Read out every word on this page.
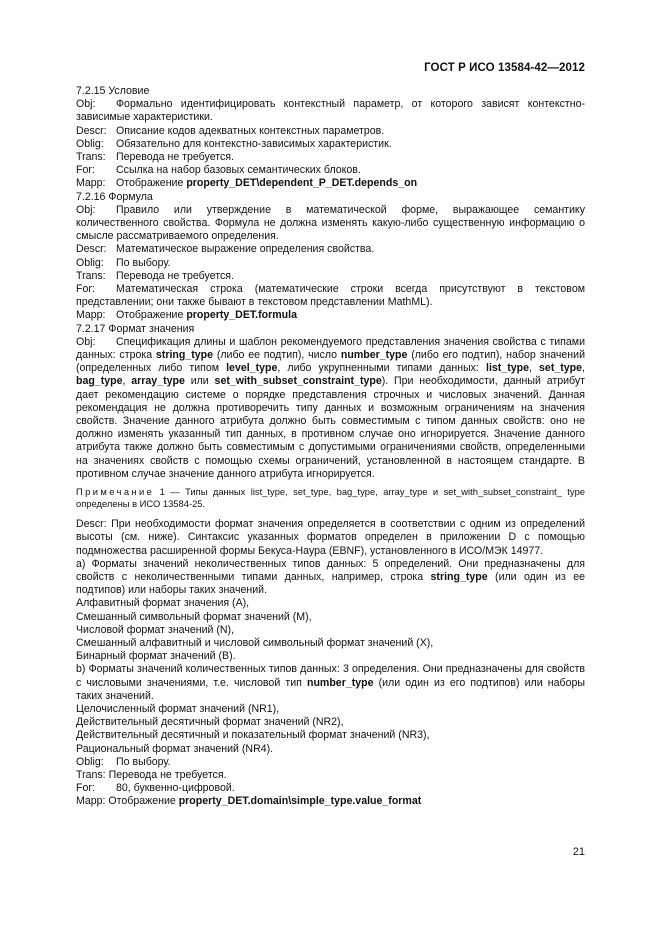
ГОСТ Р ИСО 13584-42—2012

7.2.15 Условие

Obj: Формально идентифицировать контекстный параметр, от которого зависят контекстно-зависимые характеристики.

Descr: Описание кодов адекватных контекстных параметров.

Oblig: Обязательно для контекстно-зависимых характеристик.

Trans: Перевода не требуется.

For: Ссылка на набор базовых семантических блоков.

Mapp: Отображение property_DET\dependent_P_DET.depends_on

7.2.16 Формула

Obj: Правило или утверждение в математической форме, выражающее семантику количественного свойства. Формула не должна изменять какую-либо существенную информацию о смысле рассматриваемого определения.

Descr: Математическое выражение определения свойства.

Oblig: По выбору.

Trans: Перевода не требуется.

For: Математическая строка (математические строки всегда присутствуют в текстовом представлении; они также бывают в текстовом представлении MathML).

Mapp: Отображение property_DET.formula

7.2.17 Формат значения

Obj: Спецификация длины и шаблон рекомендуемого представления значения свойства с типами данных: строка string_type (либо ее подтип), число number_type (либо его подтип), набор значений (определенных либо типом level_type, либо укрупненными типами данных: list_type, set_type, bag_type, array_type или set_with_subset_constraint_type). При необходимости, данный атрибут дает рекомендацию системе о порядке представления строчных и числовых значений. Данная рекомендация не должна противоречить типу данных и возможным ограничениям на значения свойств. Значение данного атрибута должно быть совместимым с типом данных свойств: оно не должно изменять указанный тип данных, в противном случае оно игнорируется. Значение данного атрибута также должно быть совместимым с допустимыми ограничениями свойств, определенными на значениях свойств с помощью схемы ограничений, установленной в настоящем стандарте. В противном случае значение данного атрибута игнорируется.

Примечание 1 — Типы данных list_type, set_type, bag_type, array_type и set_with_subset_constraint_ type определены в ИСО 13584-25.

Descr: При необходимости формат значения определяется в соответствии с одним из определений высоты (см. ниже). Синтаксис указанных форматов определен в приложении D с помощью подмножества расширенной формы Бекуса-Наура (EBNF), установленного в ИСО/МЭК 14977.

a) Форматы значений неколичественных типов данных: 5 определений. Они предназначены для свойств с неколичественными типами данных, например, строка string_type (или один из ее подтипов) или наборы таких значений.

Алфавитный формат значения (A),

Смешанный символьный формат значений (M),

Числовой формат значений (N),

Смешанный алфавитный и числовой символьный формат значений (X),

Бинарный формат значений (B).

b) Форматы значений количественных типов данных: 3 определения. Они предназначены для свойств с числовыми значениями, т.е. числовой тип number_type (или один из его подтипов) или наборы таких значений.

Целочисленный формат значений (NR1),

Действительный десятичный формат значений (NR2),

Действительный десятичный и показательный формат значений (NR3),

Рациональный формат значений (NR4).

Oblig: По выбору.

Trans: Перевода не требуется.

For: 80, буквенно-цифровой.

Mapp: Отображение property_DET.domain\simple_type.value_format

21
